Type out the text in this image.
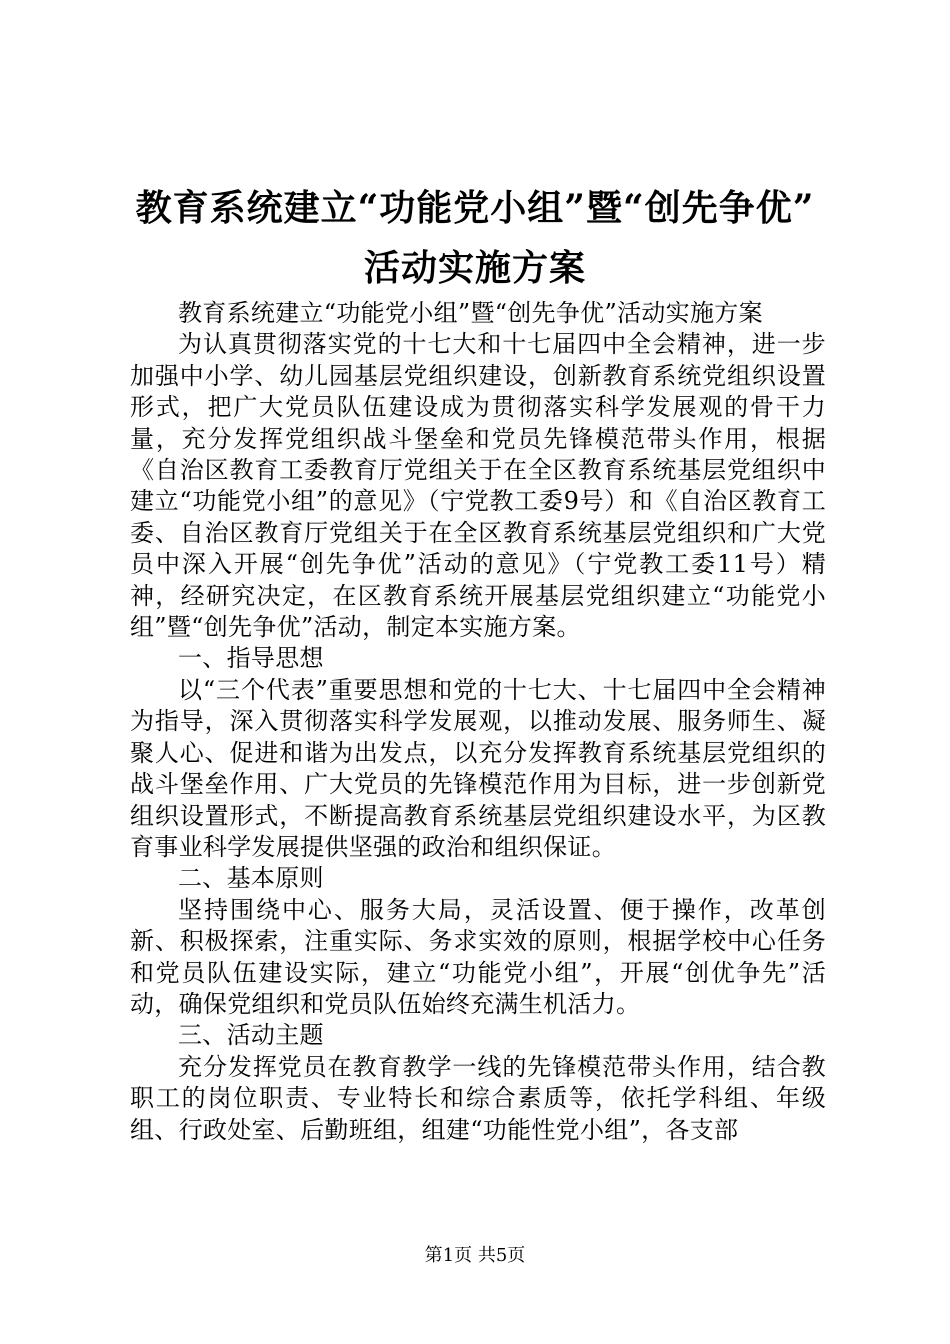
教育系统建立“功能党小组”暨“创先争优”
活动实施方案

教育系统建立“功能党小组”暨“创先争优”活动实施方案

为认真贯彻落实党的十七大和十七届四中全会精神，进一步加强中小学、幼儿园基层党组织建设，创新教育系统党组织设置形式，把广大党员队伍建设成为贯彻落实科学发展观的骨干力量，充分发挥党组织战斗堡垒和党员先锋模范带头作用，根据《自治区教育工委教育厅党组关于在全区教育系统基层党组织中建立“功能党小组”的意见》（宁党教工委9号）和《自治区教育工委、自治区教育厅党组关于在全区教育系统基层党组织和广大党员中深入开展“创先争优”活动的意见》（宁党教工委11号）精神，经研究决定，在区教育系统开展基层党组织建立“功能党小组”暨“创先争优”活动，制定本实施方案。

一、指导思想

以“三个代表”重要思想和党的十七大、十七届四中全会精神为指导，深入贯彻落实科学发展观，以推动发展、服务师生、凝聚人心、促进和谐为出发点，以充分发挥教育系统基层党组织的战斗堡垒作用、广大党员的先锋模范作用为目标，进一步创新党组织设置形式，不断提高教育系统基层党组织建设水平，为区教育事业科学发展提供坚强的政治和组织保证。

二、基本原则

坚持围绕中心、服务大局，灵活设置、便于操作，改革创新、积极探索，注重实际、务求实效的原则，根据学校中心任务和党员队伍建设实际，建立“功能党小组”，开展“创优争先”活动，确保党组织和党员队伍始终充满生机活力。

三、活动主题

充分发挥党员在教育教学一线的先锋模范带头作用，结合教职工的岗位职责、专业特长和综合素质等，依托学科组、年级组、行政处室、后勤班组，组建“功能性党小组”，各支部

第1页 共5页
